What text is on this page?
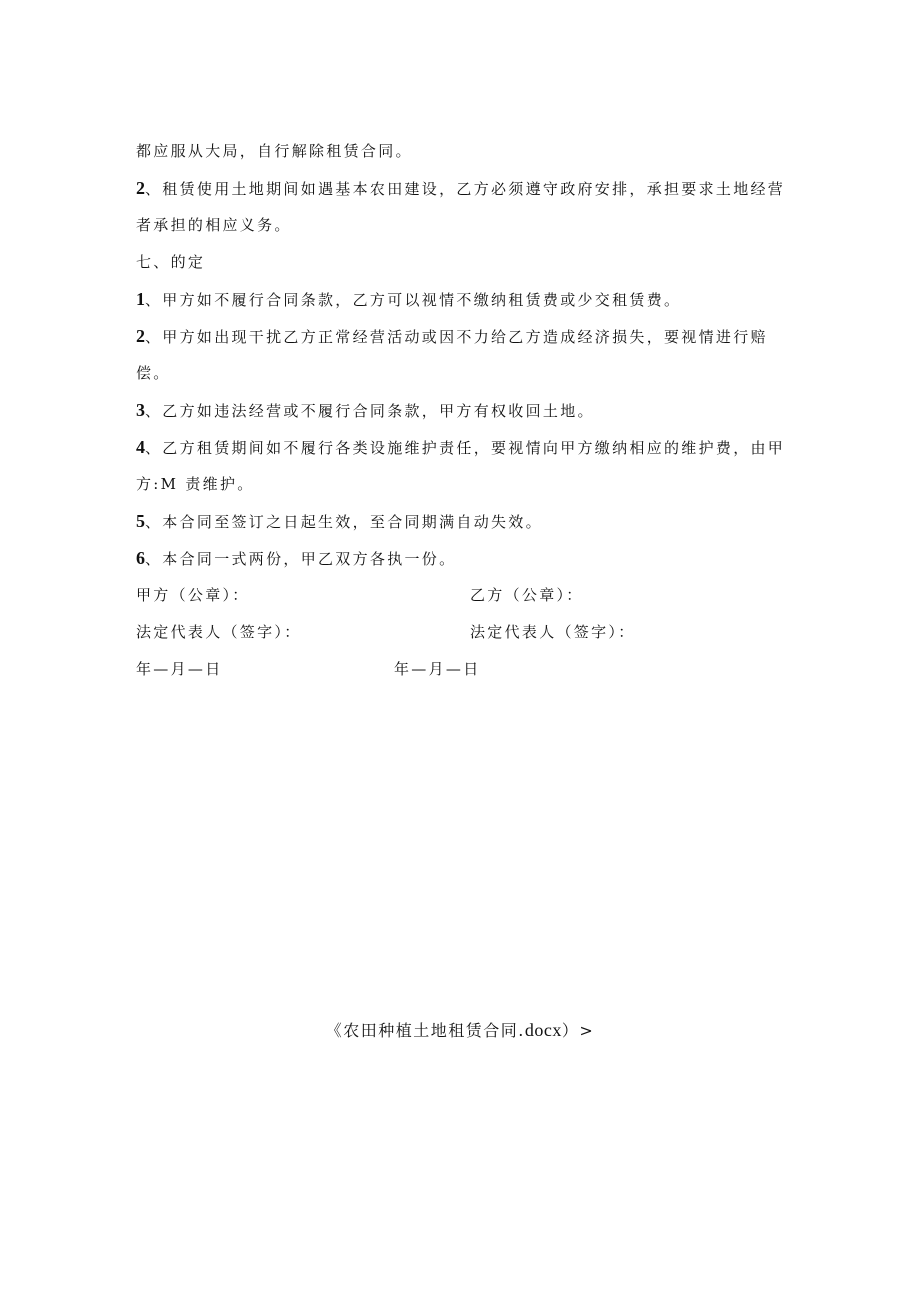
都应服从大局，自行解除租赁合同。
2、租赁使用土地期间如遇基本农田建设，乙方必须遵守政府安排，承担要求土地经营
者承担的相应义务。
七、的定
1、甲方如不履行合同条款，乙方可以视情不缴纳租赁费或少交租赁费。
2、甲方如出现干扰乙方正常经营活动或因不力给乙方造成经济损失，要视情进行赔
偿。
3、乙方如违法经营或不履行合同条款，甲方有权收回土地。
4、乙方租赁期间如不履行各类设施维护责任，要视情向甲方缴纳相应的维护费，由甲
方:M 责维护。
5、本合同至签订之日起生效，至合同期满自动失效。
6、本合同一式两份，甲乙双方各执一份。
甲方（公章）：	乙方（公章）：
法定代表人（签字）：	法定代表人（签字）：
年—月—日	年—月—日
《农田种植土地租赁合同.docx）>
